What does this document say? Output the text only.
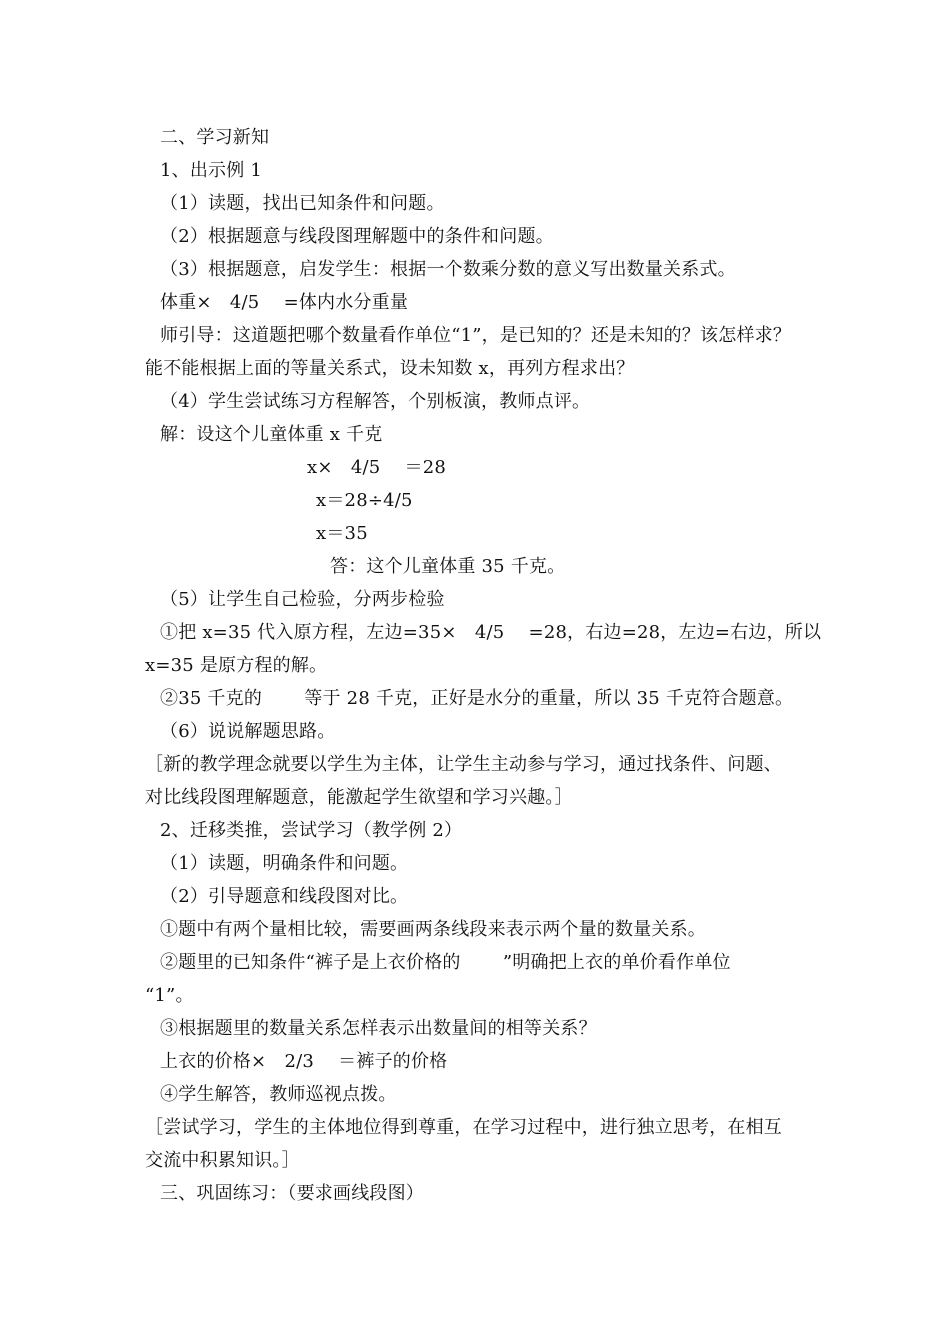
二、学习新知
1、出示例 1
（1）读题，找出已知条件和问题。
（2）根据题意与线段图理解题中的条件和问题。
（3）根据题意，启发学生：根据一个数乘分数的意义写出数量关系式。
体重×　4/5　 =体内水分重量
师引导：这道题把哪个数量看作单位“1”，是已知的？还是未知的？该怎样求？
能不能根据上面的等量关系式，设未知数 x，再列方程求出？
（4）学生尝试练习方程解答，个别板演，教师点评。
解：设这个儿童体重 x 千克
x×　4/5　 ＝28
x＝28÷4/5
x＝35
答：这个儿童体重 35 千克。
（5）让学生自己检验，分两步检验
①把 x=35 代入原方程，左边=35×　4/5　 =28，右边=28，左边=右边，所以
x=35 是原方程的解。
②35 千克的　　 等于 28 千克，正好是水分的重量，所以 35 千克符合题意。
（6）说说解题思路。
［新的教学理念就要以学生为主体，让学生主动参与学习，通过找条件、问题、
对比线段图理解题意，能激起学生欲望和学习兴趣。］
2、迁移类推，尝试学习（教学例 2）
（1）读题，明确条件和问题。
（2）引导题意和线段图对比。
①题中有两个量相比较，需要画两条线段来表示两个量的数量关系。
②题里的已知条件“裤子是上衣价格的　　 ”明确把上衣的单价看作单位
“1”。
③根据题里的数量关系怎样表示出数量间的相等关系？
上衣的价格×　2/3　 ＝裤子的价格
④学生解答，教师巡视点拨。
［尝试学习，学生的主体地位得到尊重，在学习过程中，进行独立思考，在相互
交流中积累知识。］
三、巩固练习：（要求画线段图）
